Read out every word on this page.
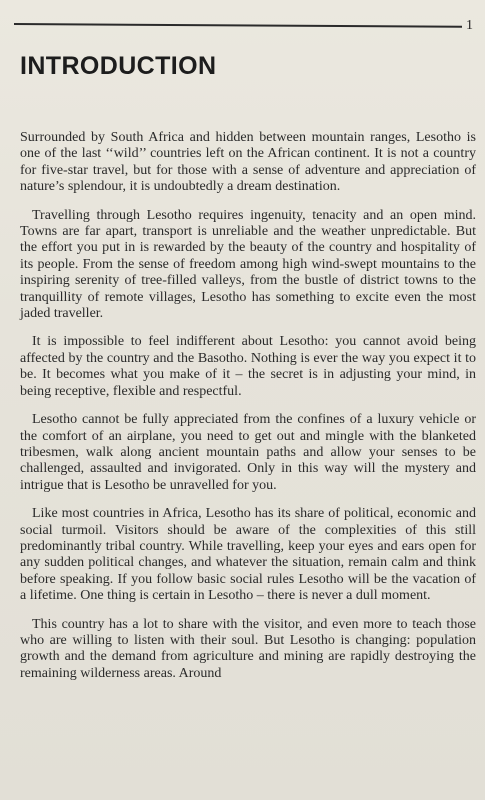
1
INTRODUCTION

Surrounded by South Africa and hidden between mountain ranges, Lesotho is one of the last ‘‘wild’’ countries left on the African continent. It is not a country for five-star travel, but for those with a sense of adventure and appreciation of nature’s splendour, it is undoubtedly a dream destination.

Travelling through Lesotho requires ingenuity, tenacity and an open mind. Towns are far apart, transport is unreliable and the weather unpredictable. But the effort you put in is rewarded by the beauty of the country and hospitality of its people. From the sense of freedom among high wind-swept mountains to the inspiring serenity of tree-filled valleys, from the bustle of district towns to the tranquillity of remote villages, Lesotho has something to excite even the most jaded traveller.

It is impossible to feel indifferent about Lesotho: you cannot avoid being affected by the country and the Basotho. Nothing is ever the way you expect it to be. It becomes what you make of it – the secret is in adjusting your mind, in being receptive, flexible and respectful.

Lesotho cannot be fully appreciated from the confines of a luxury vehicle or the comfort of an airplane, you need to get out and mingle with the blanketed tribesmen, walk along ancient mountain paths and allow your senses to be challenged, assaulted and invigorated. Only in this way will the mystery and intrigue that is Lesotho be unravelled for you.

Like most countries in Africa, Lesotho has its share of political, economic and social turmoil. Visitors should be aware of the complexities of this still predominantly tribal country. While travelling, keep your eyes and ears open for any sudden political changes, and whatever the situation, remain calm and think before speaking. If you follow basic social rules Lesotho will be the vacation of a lifetime. One thing is certain in Lesotho – there is never a dull moment.

This country has a lot to share with the visitor, and even more to teach those who are willing to listen with their soul. But Lesotho is changing: population growth and the demand from agriculture and mining are rapidly destroying the remaining wilderness areas. Around
